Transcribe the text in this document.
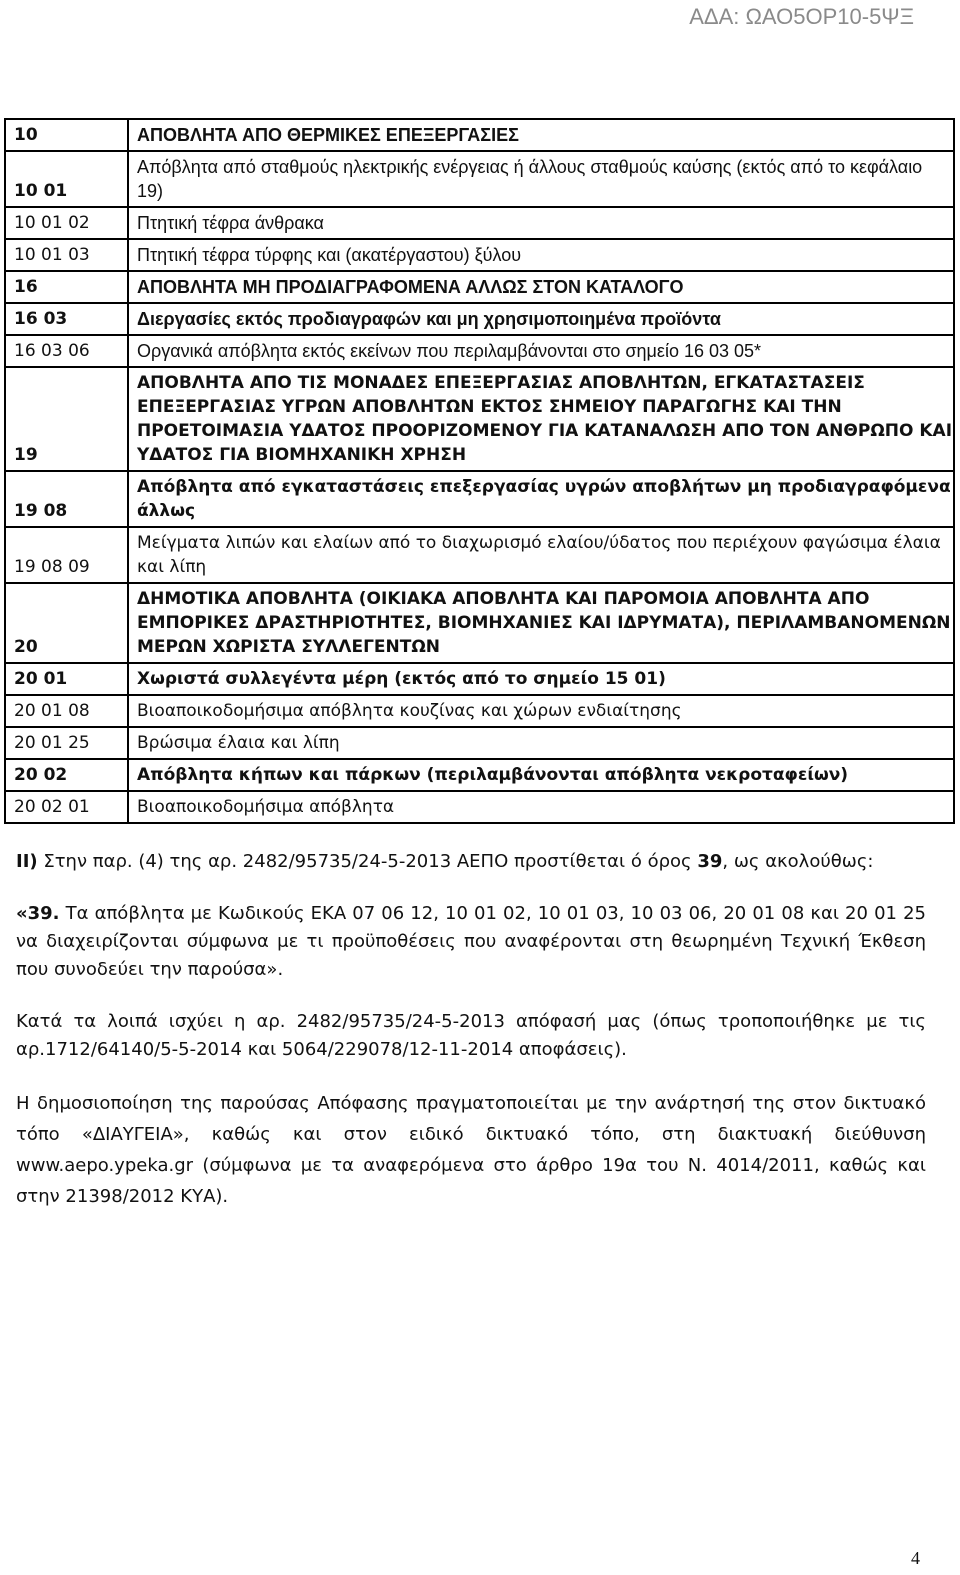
ΑΔΑ: ΩΑΟ5ΟΡ10-5ΨΞ
10	ΑΠΟΒΛΗΤΑ ΑΠΟ ΘΕΡΜΙΚΕΣ ΕΠΕΞΕΡΓΑΣΙΕΣ
10 01	Απόβλητα από σταθμούς ηλεκτρικής ενέργειας ή άλλους σταθμούς καύσης (εκτός από το κεφάλαιο 19)
10 01 02	Πτητική τέφρα άνθρακα
10 01 03	Πτητική τέφρα τύρφης και (ακατέργαστου) ξύλου
16	ΑΠΟΒΛΗΤΑ ΜΗ ΠΡΟΔΙΑΓΡΑΦΟΜΕΝΑ ΑΛΛΩΣ ΣΤΟΝ ΚΑΤΑΛΟΓΟ
16 03	Διεργασίες εκτός προδιαγραφών και μη χρησιμοποιημένα προϊόντα
16 03 06	Οργανικά απόβλητα εκτός εκείνων που περιλαμβάνονται στο σημείο 16 03 05*
19	ΑΠΟΒΛΗΤΑ ΑΠΟ ΤΙΣ ΜΟΝΑΔΕΣ ΕΠΕΞΕΡΓΑΣΙΑΣ ΑΠΟΒΛΗΤΩΝ, ΕΓΚΑΤΑΣΤΑΣΕΙΣ ΕΠΕΞΕΡΓΑΣΙΑΣ ΥΓΡΩΝ ΑΠΟΒΛΗΤΩΝ ΕΚΤΟΣ ΣΗΜΕΙΟΥ ΠΑΡΑΓΩΓΗΣ ΚΑΙ ΤΗΝ ΠΡΟΕΤΟΙΜΑΣΙΑ ΥΔΑΤΟΣ ΠΡΟΟΡΙΖΟΜΕΝΟΥ ΓΙΑ ΚΑΤΑΝΑΛΩΣΗ ΑΠΟ ΤΟΝ ΑΝΘΡΩΠΟ ΚΑΙ ΥΔΑΤΟΣ ΓΙΑ ΒΙΟΜΗΧΑΝΙΚΗ ΧΡΗΣΗ
19 08	Απόβλητα από εγκαταστάσεις επεξεργασίας υγρών αποβλήτων μη προδιαγραφόμενα άλλως
19 08 09	Μείγματα λιπών και ελαίων από το διαχωρισμό ελαίου/ύδατος που περιέχουν φαγώσιμα έλαια και λίπη
20	ΔΗΜΟΤΙΚΑ ΑΠΟΒΛΗΤΑ (ΟΙΚΙΑΚΑ ΑΠΟΒΛΗΤΑ ΚΑΙ ΠΑΡΟΜΟΙΑ ΑΠΟΒΛΗΤΑ ΑΠΟ ΕΜΠΟΡΙΚΕΣ ΔΡΑΣΤΗΡΙΟΤΗΤΕΣ, ΒΙΟΜΗΧΑΝΙΕΣ ΚΑΙ ΙΔΡΥΜΑΤΑ), ΠΕΡΙΛΑΜΒΑΝΟΜΕΝΩΝ ΜΕΡΩΝ ΧΩΡΙΣΤΑ ΣΥΛΛΕΓΕΝΤΩΝ
20 01	Χωριστά συλλεγέντα μέρη (εκτός από το σημείο 15 01)
20 01 08	Βιοαποικοδομήσιμα απόβλητα κουζίνας και χώρων ενδιαίτησης
20 01 25	Βρώσιμα έλαια και λίπη
20 02	Απόβλητα κήπων και πάρκων (περιλαμβάνονται απόβλητα νεκροταφείων)
20 02 01	Βιοαποικοδομήσιμα απόβλητα

ΙΙ) Στην παρ. (4) της αρ. 2482/95735/24-5-2013 ΑΕΠΟ προστίθεται ό όρος 39, ως ακολούθως:

«39. Τα απόβλητα με Κωδικούς ΕΚΑ 07 06 12, 10 01 02, 10 01 03, 10 03 06, 20 01 08 και 20 01 25 να διαχειρίζονται σύμφωνα με τι προϋποθέσεις που αναφέρονται στη θεωρημένη Τεχνική Έκθεση που συνοδεύει την παρούσα».

Κατά τα λοιπά ισχύει η αρ. 2482/95735/24-5-2013 απόφασή μας (όπως τροποποιήθηκε με τις αρ.1712/64140/5-5-2014 και 5064/229078/12-11-2014 αποφάσεις).

Η δημοσιοποίηση της παρούσας Απόφασης πραγματοποιείται με την ανάρτησή της στον δικτυακό τόπο «ΔΙΑΥΓΕΙΑ», καθώς και στον ειδικό δικτυακό τόπο, στη διακτυακή διεύθυνση www.aepo.ypeka.gr (σύμφωνα με τα αναφερόμενα στο άρθρο 19α του Ν. 4014/2011, καθώς και στην 21398/2012 ΚΥΑ).

4
